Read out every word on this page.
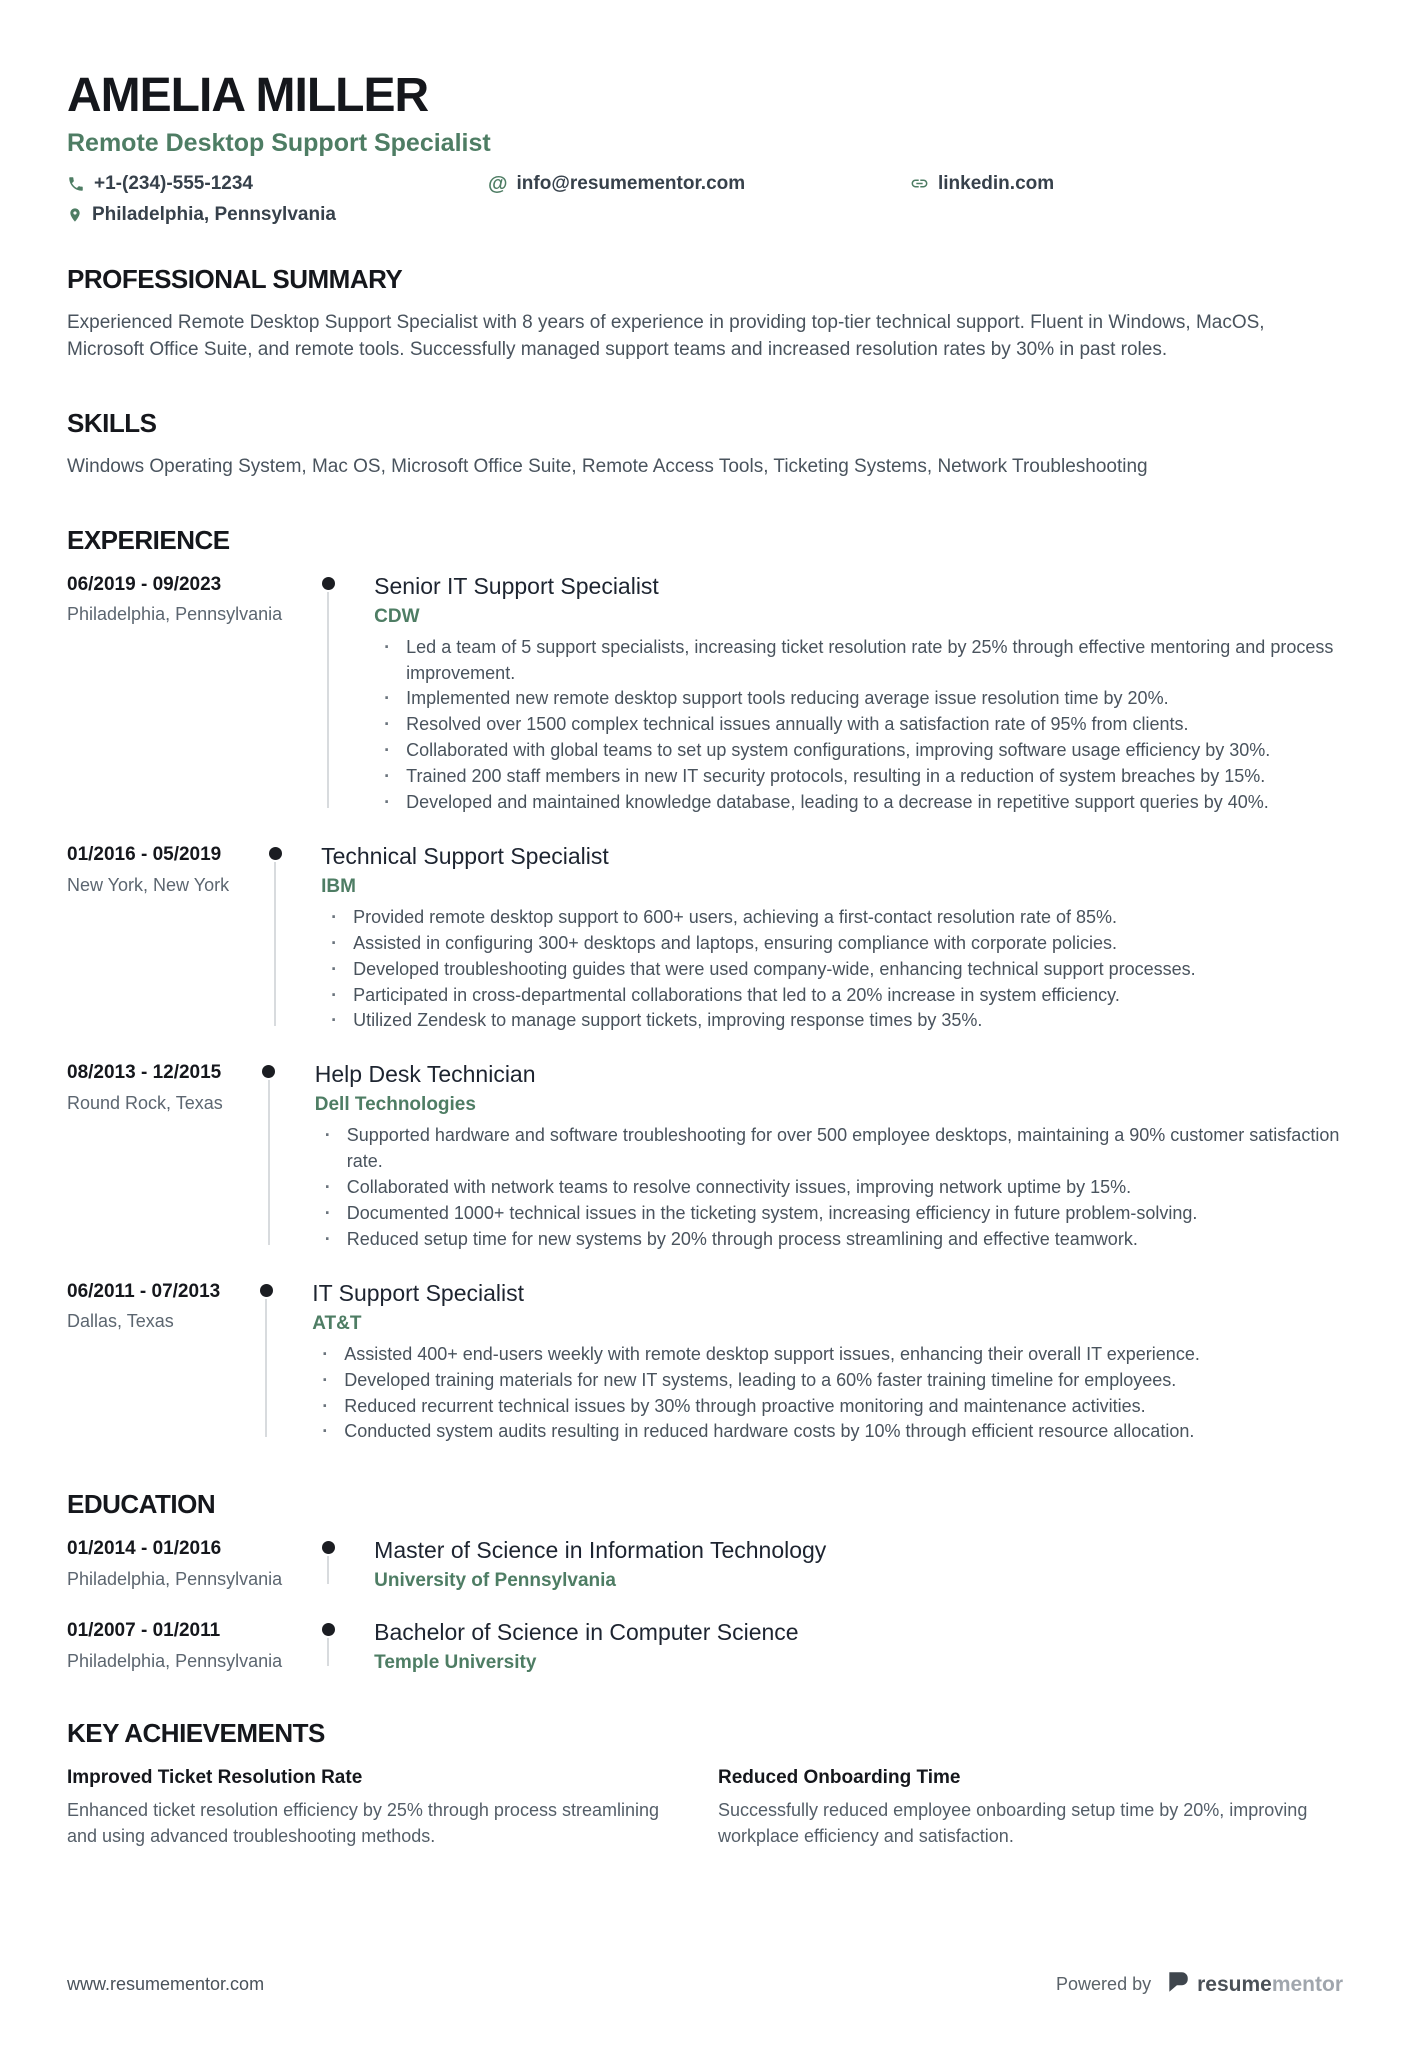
AMELIA MILLER
Remote Desktop Support Specialist
+1-(234)-555-1234	@ info@resumementor.com	linkedin.com
Philadelphia, Pennsylvania
PROFESSIONAL SUMMARY

Experienced Remote Desktop Support Specialist with 8 years of experience in providing top-tier technical support. Fluent in Windows, MacOS, Microsoft Office Suite, and remote tools. Successfully managed support teams and increased resolution rates by 30% in past roles.

SKILLS

Windows Operating System, Mac OS, Microsoft Office Suite, Remote Access Tools, Ticketing Systems, Network Troubleshooting

EXPERIENCE
06/2019 - 09/2023
Philadelphia, Pennsylvania
Senior IT Support Specialist
CDW
· Led a team of 5 support specialists, increasing ticket resolution rate by 25% through effective mentoring and process improvement.
· Implemented new remote desktop support tools reducing average issue resolution time by 20%.
· Resolved over 1500 complex technical issues annually with a satisfaction rate of 95% from clients.
· Collaborated with global teams to set up system configurations, improving software usage efficiency by 30%.
· Trained 200 staff members in new IT security protocols, resulting in a reduction of system breaches by 15%.
· Developed and maintained knowledge database, leading to a decrease in repetitive support queries by 40%.
01/2016 - 05/2019
New York, New York
Technical Support Specialist
IBM
· Provided remote desktop support to 600+ users, achieving a first-contact resolution rate of 85%.
· Assisted in configuring 300+ desktops and laptops, ensuring compliance with corporate policies.
· Developed troubleshooting guides that were used company-wide, enhancing technical support processes.
· Participated in cross-departmental collaborations that led to a 20% increase in system efficiency.
· Utilized Zendesk to manage support tickets, improving response times by 35%.
08/2013 - 12/2015
Round Rock, Texas
Help Desk Technician
Dell Technologies
· Supported hardware and software troubleshooting for over 500 employee desktops, maintaining a 90% customer satisfaction rate.
· Collaborated with network teams to resolve connectivity issues, improving network uptime by 15%.
· Documented 1000+ technical issues in the ticketing system, increasing efficiency in future problem-solving.
· Reduced setup time for new systems by 20% through process streamlining and effective teamwork.
06/2011 - 07/2013
Dallas, Texas
IT Support Specialist
AT&T
· Assisted 400+ end-users weekly with remote desktop support issues, enhancing their overall IT experience.
· Developed training materials for new IT systems, leading to a 60% faster training timeline for employees.
· Reduced recurrent technical issues by 30% through proactive monitoring and maintenance activities.
· Conducted system audits resulting in reduced hardware costs by 10% through efficient resource allocation.
EDUCATION
01/2014 - 01/2016
Philadelphia, Pennsylvania
Master of Science in Information Technology
University of Pennsylvania
01/2007 - 01/2011
Philadelphia, Pennsylvania
Bachelor of Science in Computer Science
Temple University
KEY ACHIEVEMENTS
Improved Ticket Resolution Rate

Enhanced ticket resolution efficiency by 25% through process streamlining and using advanced troubleshooting methods.

Reduced Onboarding Time

Successfully reduced employee onboarding setup time by 20%, improving workplace efficiency and satisfaction.

www.resumementor.com	Powered by resumementor
